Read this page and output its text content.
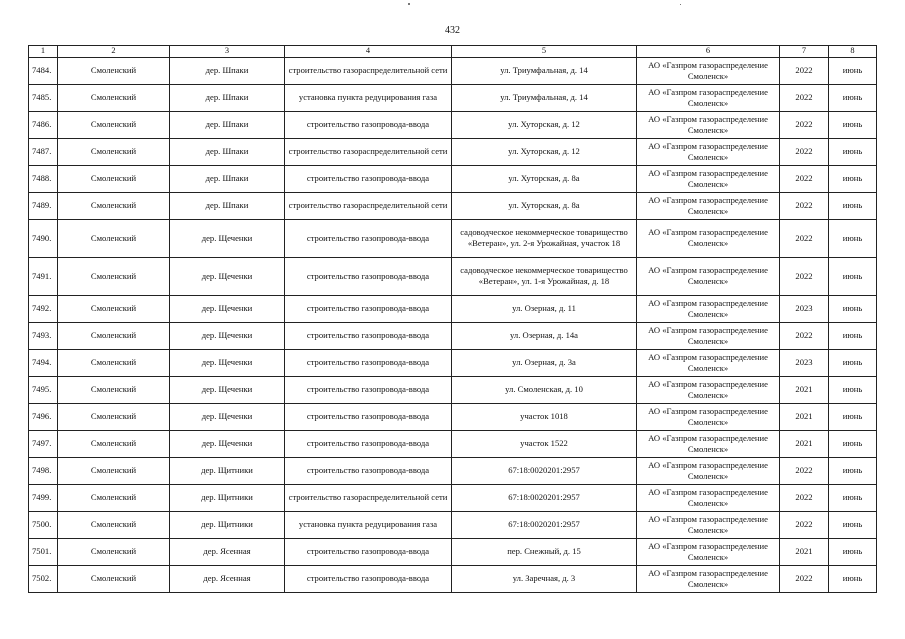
432
1	2	3	4	5	6	7	8
7484.	Смоленский	дер. Шпаки	строительство газораспределительной сети	ул. Триумфальная, д. 14	АО «Газпром газораспределение Смоленск»	2022	июнь
7485.	Смоленский	дер. Шпаки	установка пункта редуцирования газа	ул. Триумфальная, д. 14	АО «Газпром газораспределение Смоленск»	2022	июнь
7486.	Смоленский	дер. Шпаки	строительство газопровода-ввода	ул. Хуторская, д. 12	АО «Газпром газораспределение Смоленск»	2022	июнь
7487.	Смоленский	дер. Шпаки	строительство газораспределительной сети	ул. Хуторская, д. 12	АО «Газпром газораспределение Смоленск»	2022	июнь
7488.	Смоленский	дер. Шпаки	строительство газопровода-ввода	ул. Хуторская, д. 8а	АО «Газпром газораспределение Смоленск»	2022	июнь
7489.	Смоленский	дер. Шпаки	строительство газораспределительной сети	ул. Хуторская, д. 8а	АО «Газпром газораспределение Смоленск»	2022	июнь
7490.	Смоленский	дер. Щеченки	строительство газопровода-ввода	садоводческое некоммерческое товарищество «Ветеран», ул. 2-я Урожайная, участок 18	АО «Газпром газораспределение Смоленск»	2022	июнь
7491.	Смоленский	дер. Щеченки	строительство газопровода-ввода	садоводческое некоммерческое товарищество «Ветеран», ул. 1-я Урожайная, д. 18	АО «Газпром газораспределение Смоленск»	2022	июнь
7492.	Смоленский	дер. Щеченки	строительство газопровода-ввода	ул. Озерная, д. 11	АО «Газпром газораспределение Смоленск»	2023	июнь
7493.	Смоленский	дер. Щеченки	строительство газопровода-ввода	ул. Озерная, д. 14а	АО «Газпром газораспределение Смоленск»	2022	июнь
7494.	Смоленский	дер. Щеченки	строительство газопровода-ввода	ул. Озерная, д. 3а	АО «Газпром газораспределение Смоленск»	2023	июнь
7495.	Смоленский	дер. Щеченки	строительство газопровода-ввода	ул. Смоленская, д. 10	АО «Газпром газораспределение Смоленск»	2021	июнь
7496.	Смоленский	дер. Щеченки	строительство газопровода-ввода	участок 1018	АО «Газпром газораспределение Смоленск»	2021	июнь
7497.	Смоленский	дер. Щеченки	строительство газопровода-ввода	участок 1522	АО «Газпром газораспределение Смоленск»	2021	июнь
7498.	Смоленский	дер. Щитники	строительство газопровода-ввода	67:18:0020201:2957	АО «Газпром газораспределение Смоленск»	2022	июнь
7499.	Смоленский	дер. Щитники	строительство газораспределительной сети	67:18:0020201:2957	АО «Газпром газораспределение Смоленск»	2022	июнь
7500.	Смоленский	дер. Щитники	установка пункта редуцирования газа	67:18:0020201:2957	АО «Газпром газораспределение Смоленск»	2022	июнь
7501.	Смоленский	дер. Ясенная	строительство газопровода-ввода	пер. Снежный, д. 15	АО «Газпром газораспределение Смоленск»	2021	июнь
7502.	Смоленский	дер. Ясенная	строительство газопровода-ввода	ул. Заречная, д. 3	АО «Газпром газораспределение Смоленск»	2022	июнь
